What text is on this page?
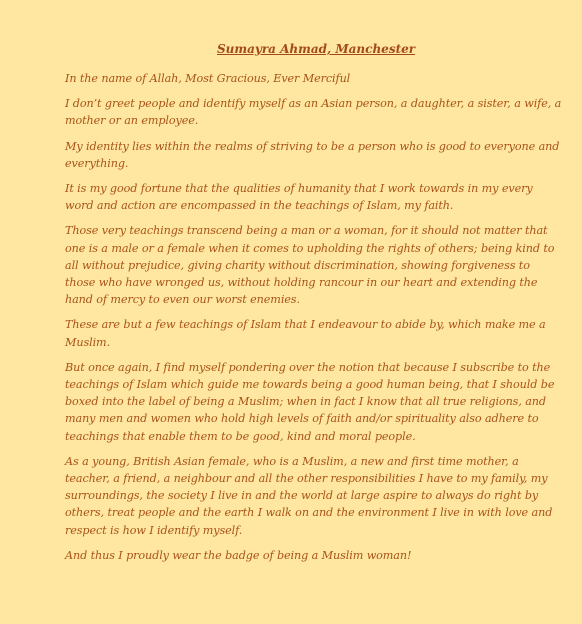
Sumayra Ahmad, Manchester

In the name of Allah, Most Gracious, Ever Merciful

I don’t greet people and identify myself as an Asian person, a daughter, a sister, a wife, a mother or an employee.

My identity lies within the realms of striving to be a person who is good to everyone and everything.

It is my good fortune that the qualities of humanity that I work towards in my every word and action are encompassed in the teachings of Islam, my faith.

Those very teachings transcend being a man or a woman, for it should not matter that one is a male or a female when it comes to upholding the rights of others; being kind to all without prejudice, giving charity without discrimination, showing forgiveness to those who have wronged us, without holding rancour in our heart and extending the hand of mercy to even our worst enemies.

These are but a few teachings of Islam that I endeavour to abide by, which make me a Muslim.

But once again, I find myself pondering over the notion that because I subscribe to the teachings of Islam which guide me towards being a good human being, that I should be boxed into the label of being a Muslim; when in fact I know that all true religions, and many men and women who hold high levels of faith and/or spirituality also adhere to teachings that enable them to be good, kind and moral people.

As a young, British Asian female, who is a Muslim, a new and first time mother, a teacher, a friend, a neighbour and all the other responsibilities I have to my family, my surroundings, the society I live in and the world at large aspire to always do right by others, treat people and the earth I walk on and the environment I live in with love and respect is how I identify myself.

And thus I proudly wear the badge of being a Muslim woman!
